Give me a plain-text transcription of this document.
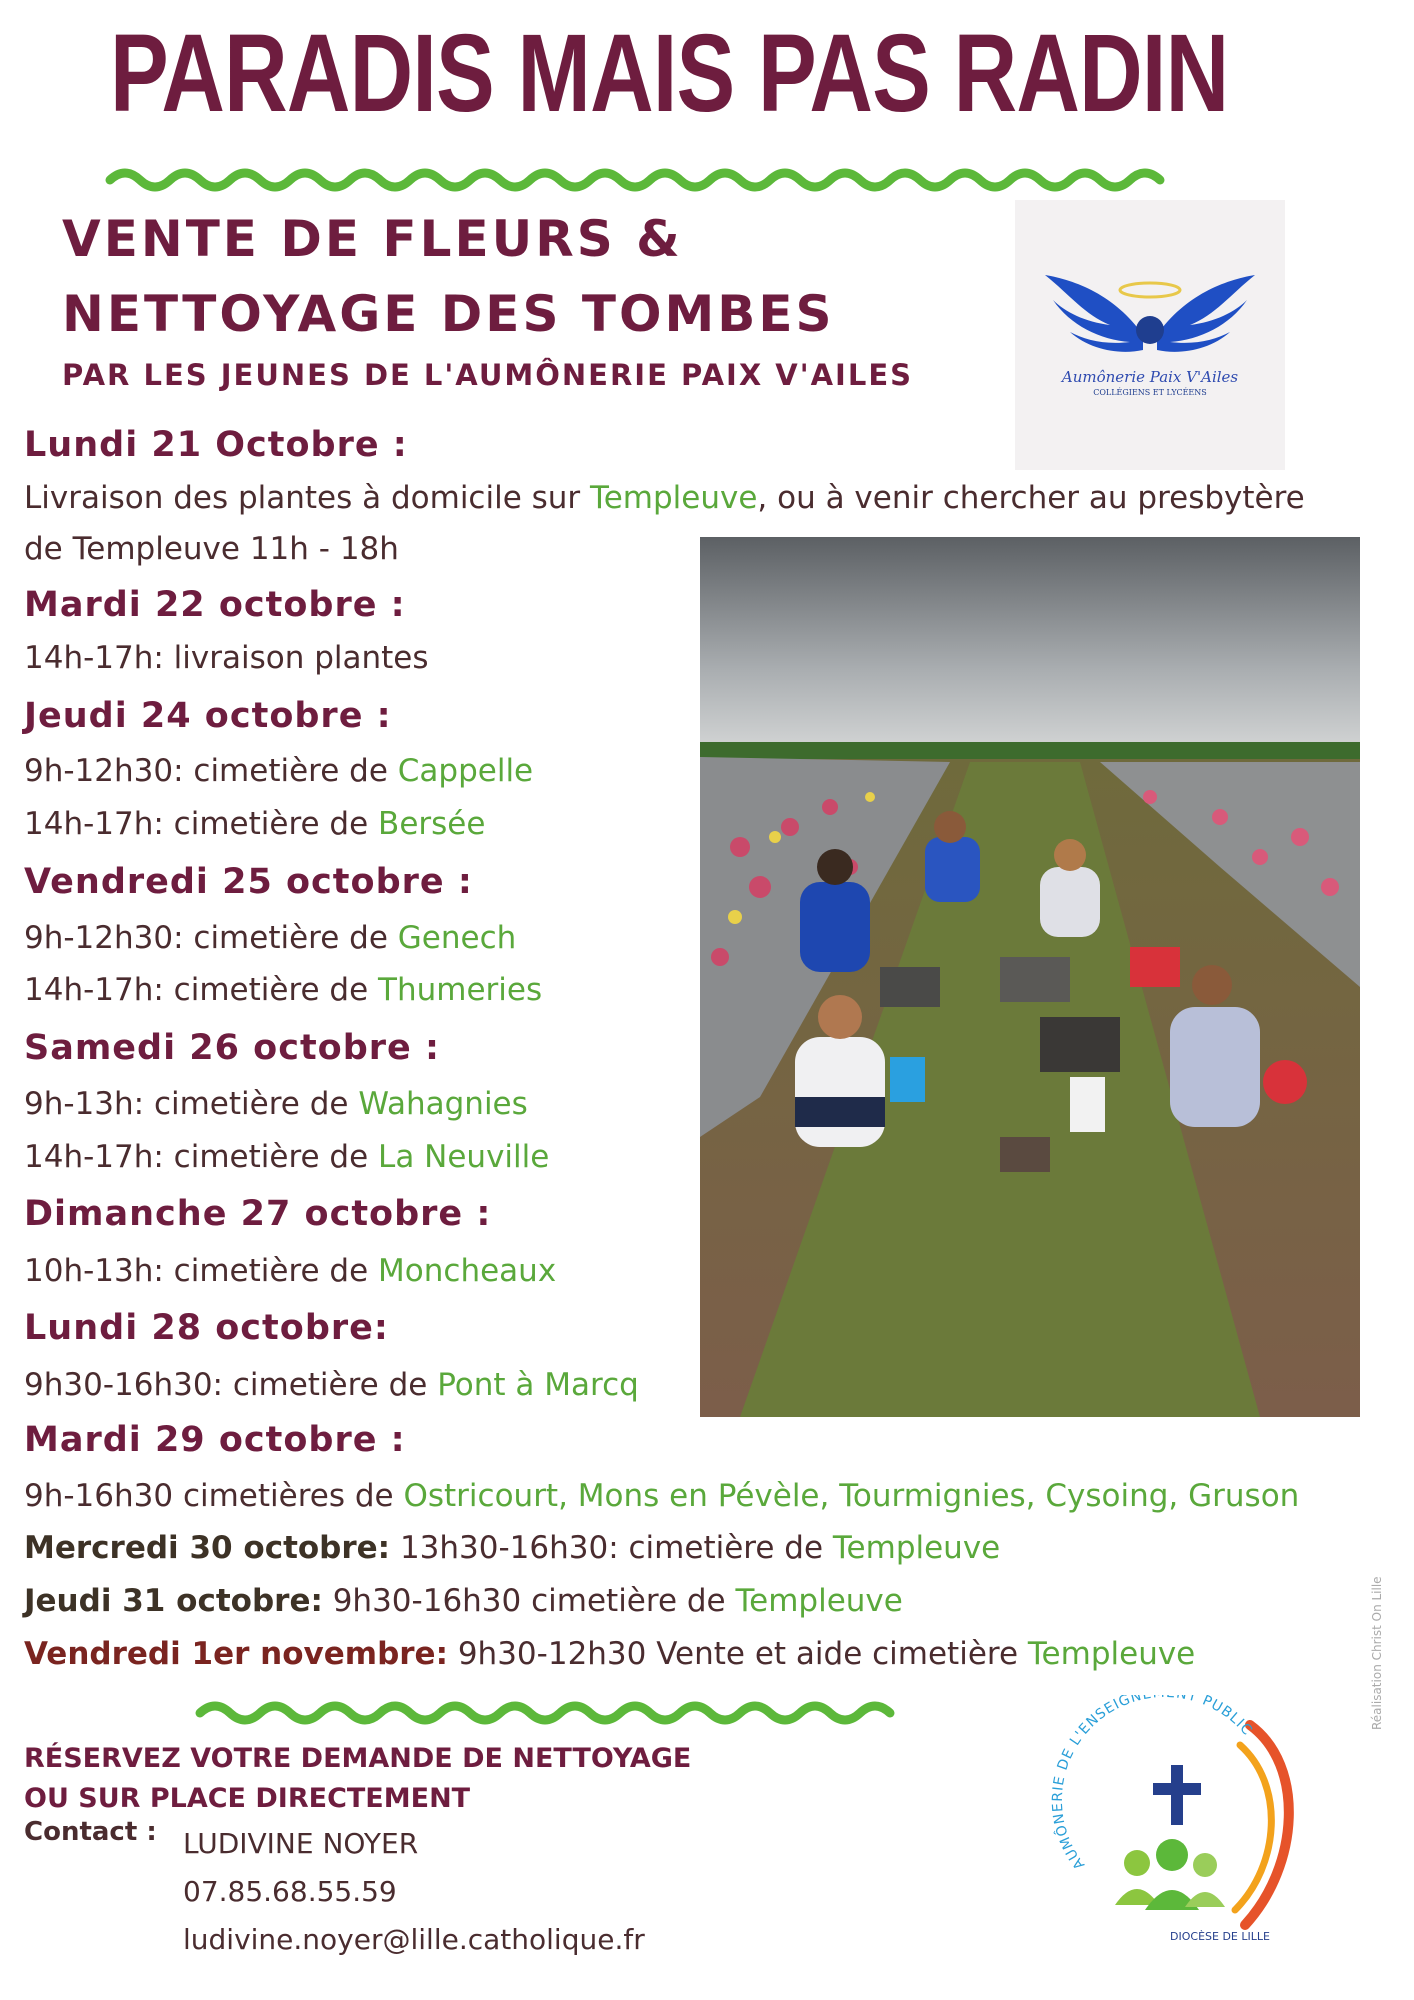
PARADIS MAIS PAS RADIN
VENTE DE FLEURS &
NETTOYAGE DES TOMBES
PAR LES JEUNES DE L'AUMÔNERIE PAIX V'AILES	Aumônerie Paix V'Ailes
COLLÉGIENS ET LYCÉENS
Lundi 21 Octobre :
Livraison des plantes à domicile sur Templeuve, ou à venir chercher au presbytère
de Templeuve 11h - 18h
Mardi 22 octobre :
14h-17h: livraison plantes
Jeudi 24 octobre :
9h-12h30: cimetière de Cappelle
14h-17h: cimetière de Bersée
Vendredi 25 octobre :
9h-12h30: cimetière de Genech
14h-17h: cimetière de Thumeries
Samedi 26 octobre :
9h-13h: cimetière de Wahagnies
14h-17h: cimetière de La Neuville
Dimanche 27 octobre :
10h-13h: cimetière de Moncheaux
Lundi 28 octobre:
9h30-16h30: cimetière de Pont à Marcq
Mardi 29 octobre :
9h-16h30 cimetières de Ostricourt, Mons en Pévèle, Tourmignies, Cysoing, Gruson
Mercredi 30 octobre: 13h30-16h30: cimetière de Templeuve
Jeudi 31 octobre: 9h30-16h30 cimetière de Templeuve
Vendredi 1er novembre: 9h30-12h30 Vente et aide cimetière Templeuve
RÉSERVEZ VOTRE DEMANDE DE NETTOYAGE
OU SUR PLACE DIRECTEMENT
Contact : LUDIVINE NOYER
07.85.68.55.59
ludivine.noyer@lille.catholique.fr
AUMÔNERIE DE L'ENSEIGN T PUBLIC
DIOCÈSE DE LILLE
Réalisation Christ On Lille
